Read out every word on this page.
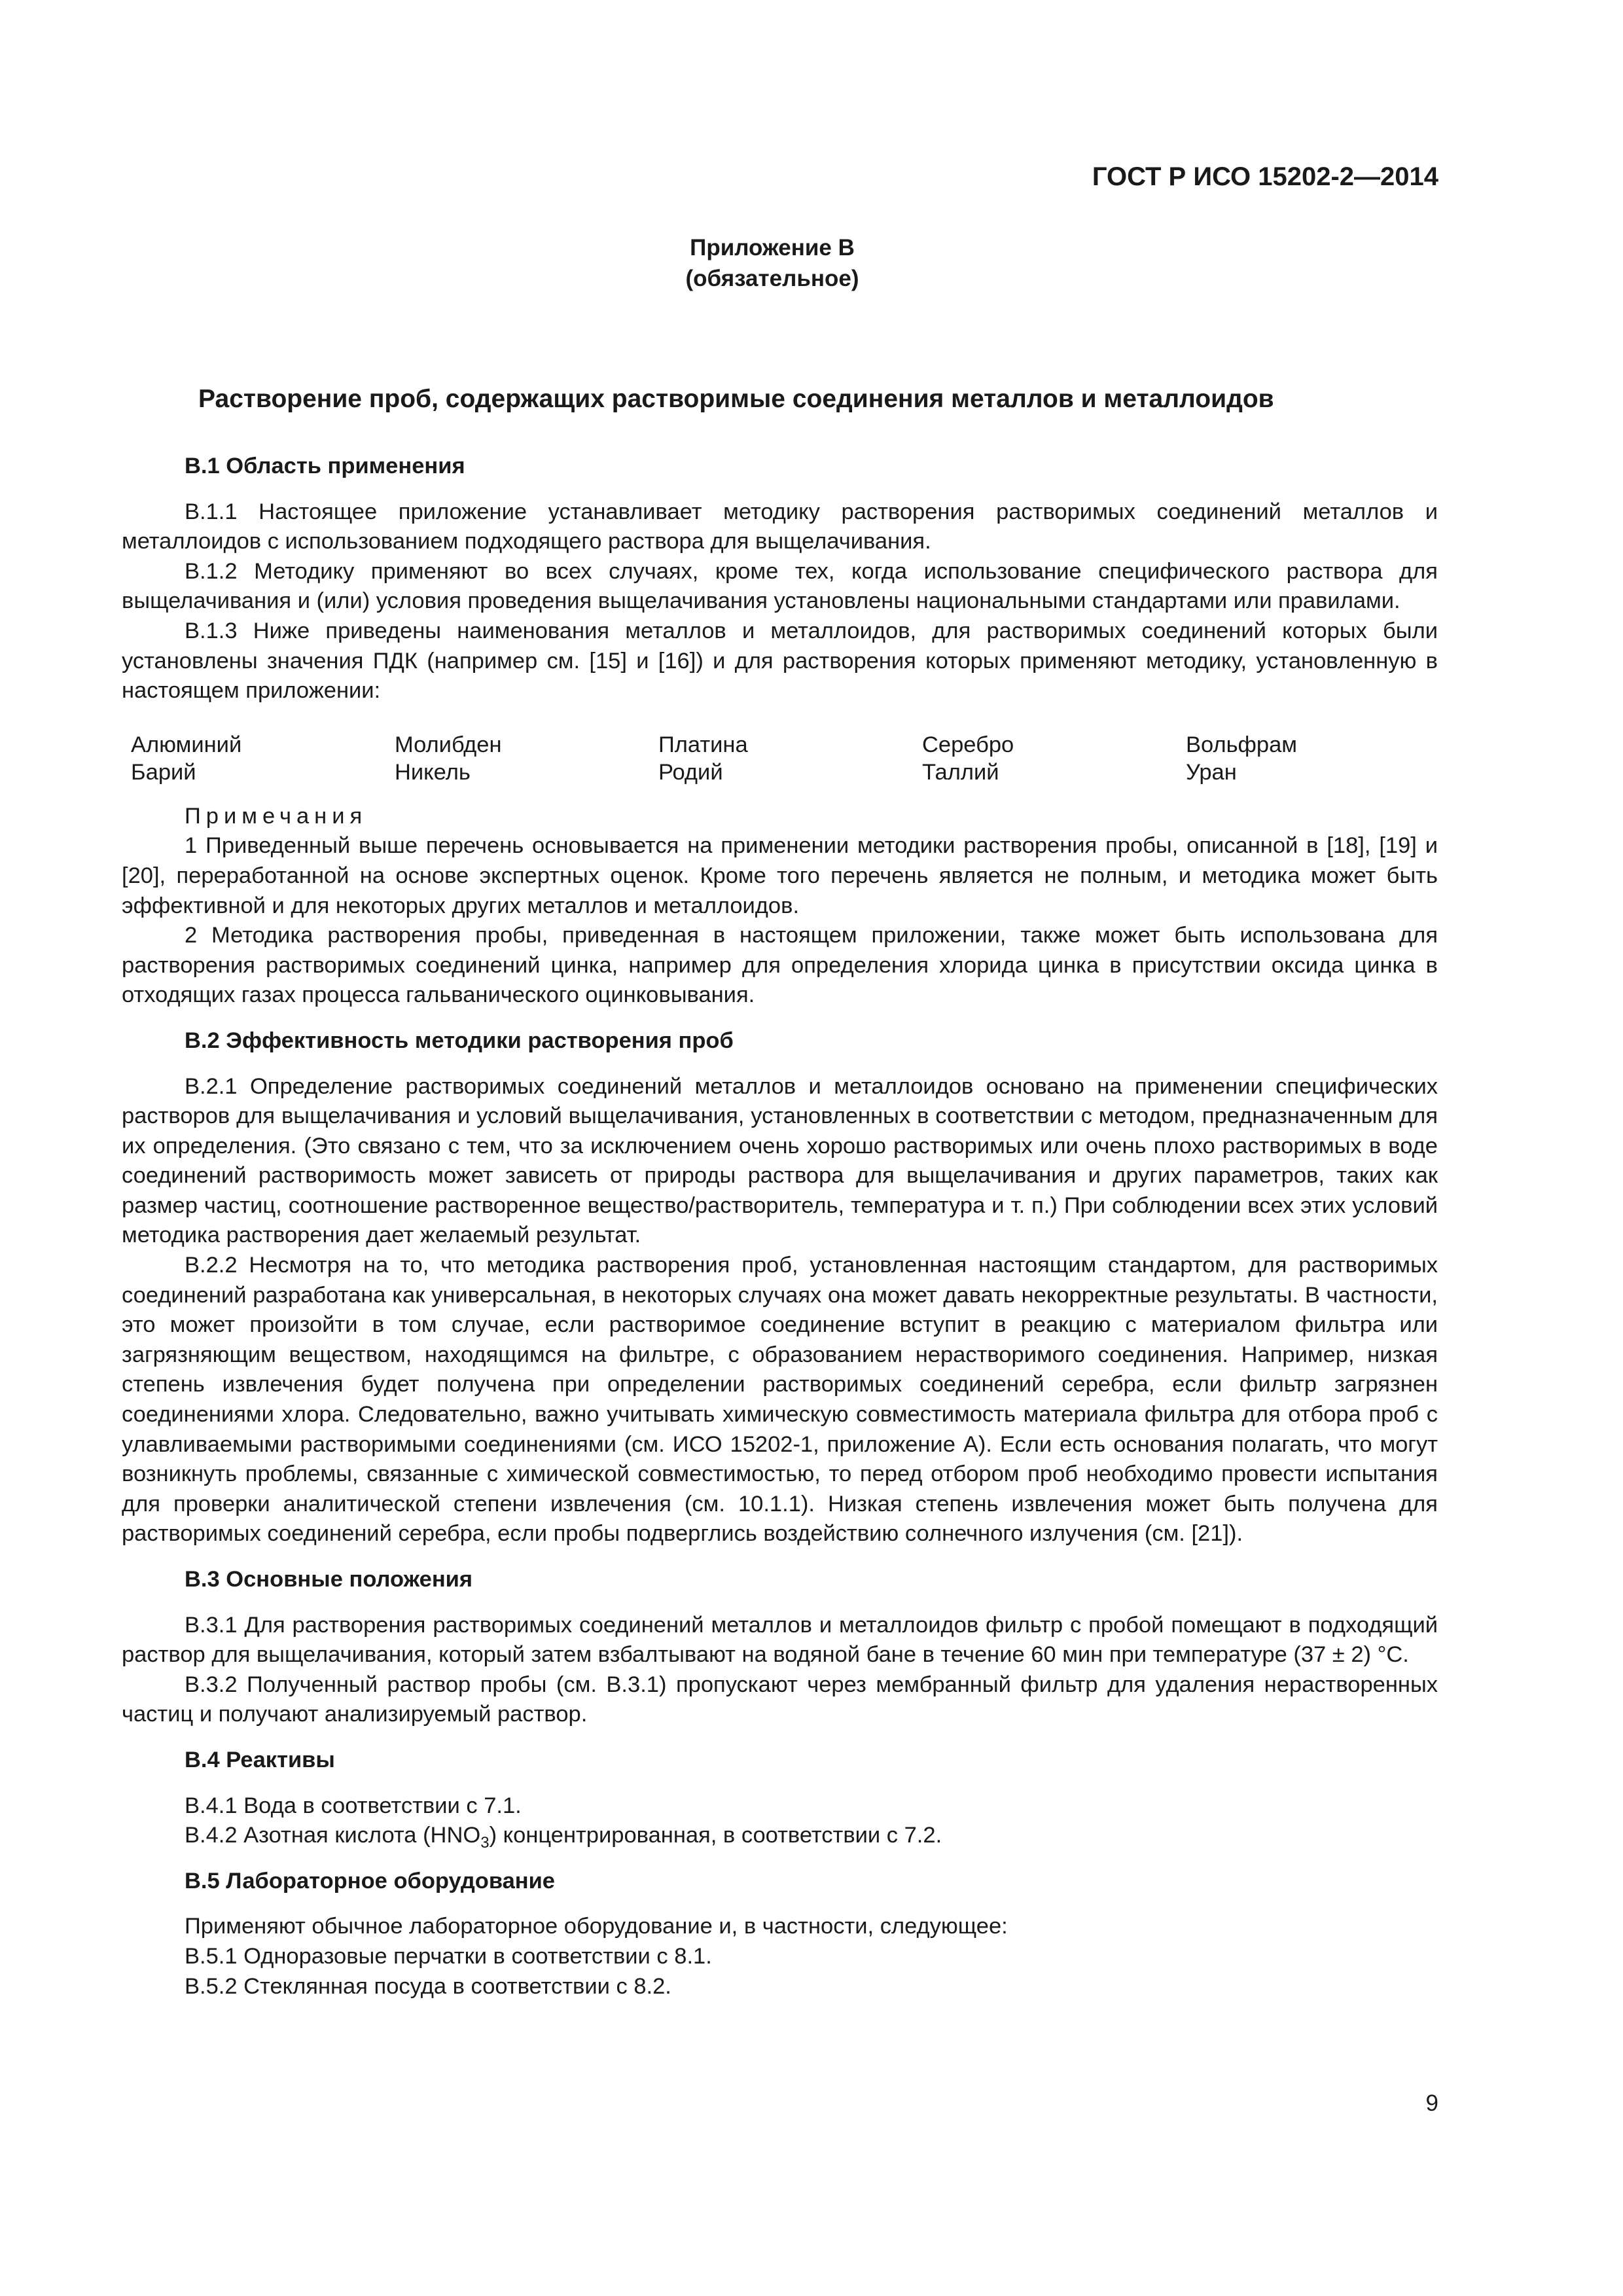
ГОСТ Р ИСО 15202-2—2014
Приложение В
(обязательное)
Растворение проб, содержащих растворимые соединения металлов и металлоидов
В.1 Область применения

В.1.1 Настоящее приложение устанавливает методику растворения растворимых соединений металлов и металлоидов с использованием подходящего раствора для выщелачивания.

В.1.2 Методику применяют во всех случаях, кроме тех, когда использование специфического раствора для выщелачивания и (или) условия проведения выщелачивания установлены национальными стандартами или правилами.

В.1.3 Ниже приведены наименования металлов и металлоидов, для растворимых соединений которых были установлены значения ПДК (например см. [15] и [16]) и для растворения которых применяют методику, установленную в настоящем приложении:

Алюминий	Молибден	Платина	Серебро	Вольфрам
Барий	Никель	Родий	Таллий	Уран

Примечания

1 Приведенный выше перечень основывается на применении методики растворения пробы, описанной в [18], [19] и [20], переработанной на основе экспертных оценок. Кроме того перечень является не полным, и методика может быть эффективной и для некоторых других металлов и металлоидов.

2 Методика растворения пробы, приведенная в настоящем приложении, также может быть использована для растворения растворимых соединений цинка, например для определения хлорида цинка в присутствии оксида цинка в отходящих газах процесса гальванического оцинковывания.

В.2 Эффективность методики растворения проб

В.2.1 Определение растворимых соединений металлов и металлоидов основано на применении специфических растворов для выщелачивания и условий выщелачивания, установленных в соответствии с методом, предназначенным для их определения. (Это связано с тем, что за исключением очень хорошо растворимых или очень плохо растворимых в воде соединений растворимость может зависеть от природы раствора для выщелачивания и других параметров, таких как размер частиц, соотношение растворенное вещество/растворитель, температура и т. п.) При соблюдении всех этих условий методика растворения дает желаемый результат.

В.2.2 Несмотря на то, что методика растворения проб, установленная настоящим стандартом, для растворимых соединений разработана как универсальная, в некоторых случаях она может давать некорректные результаты. В частности, это может произойти в том случае, если растворимое соединение вступит в реакцию с материалом фильтра или загрязняющим веществом, находящимся на фильтре, с образованием нерастворимого соединения. Например, низкая степень извлечения будет получена при определении растворимых соединений серебра, если фильтр загрязнен соединениями хлора. Следовательно, важно учитывать химическую совместимость материала фильтра для отбора проб с улавливаемыми растворимыми соединениями (см. ИСО 15202-1, приложение А). Если есть основания полагать, что могут возникнуть проблемы, связанные с химической совместимостью, то перед отбором проб необходимо провести испытания для проверки аналитической степени извлечения (см. 10.1.1). Низкая степень извлечения может быть получена для растворимых соединений серебра, если пробы подверглись воздействию солнечного излучения (см. [21]).

В.3 Основные положения

В.3.1 Для растворения растворимых соединений металлов и металлоидов фильтр с пробой помещают в подходящий раствор для выщелачивания, который затем взбалтывают на водяной бане в течение 60 мин при температуре (37 ± 2) °С.

В.3.2 Полученный раствор пробы (см. В.3.1) пропускают через мембранный фильтр для удаления нерастворенных частиц и получают анализируемый раствор.

В.4 Реактивы

В.4.1 Вода в соответствии с 7.1.

В.4.2 Азотная кислота $(HNO_3)$ концентрированная, в соответствии с 7.2.

В.5 Лабораторное оборудование

Применяют обычное лабораторное оборудование и, в частности, следующее:

В.5.1 Одноразовые перчатки в соответствии с 8.1.

В.5.2 Стеклянная посуда в соответствии с 8.2.

9
